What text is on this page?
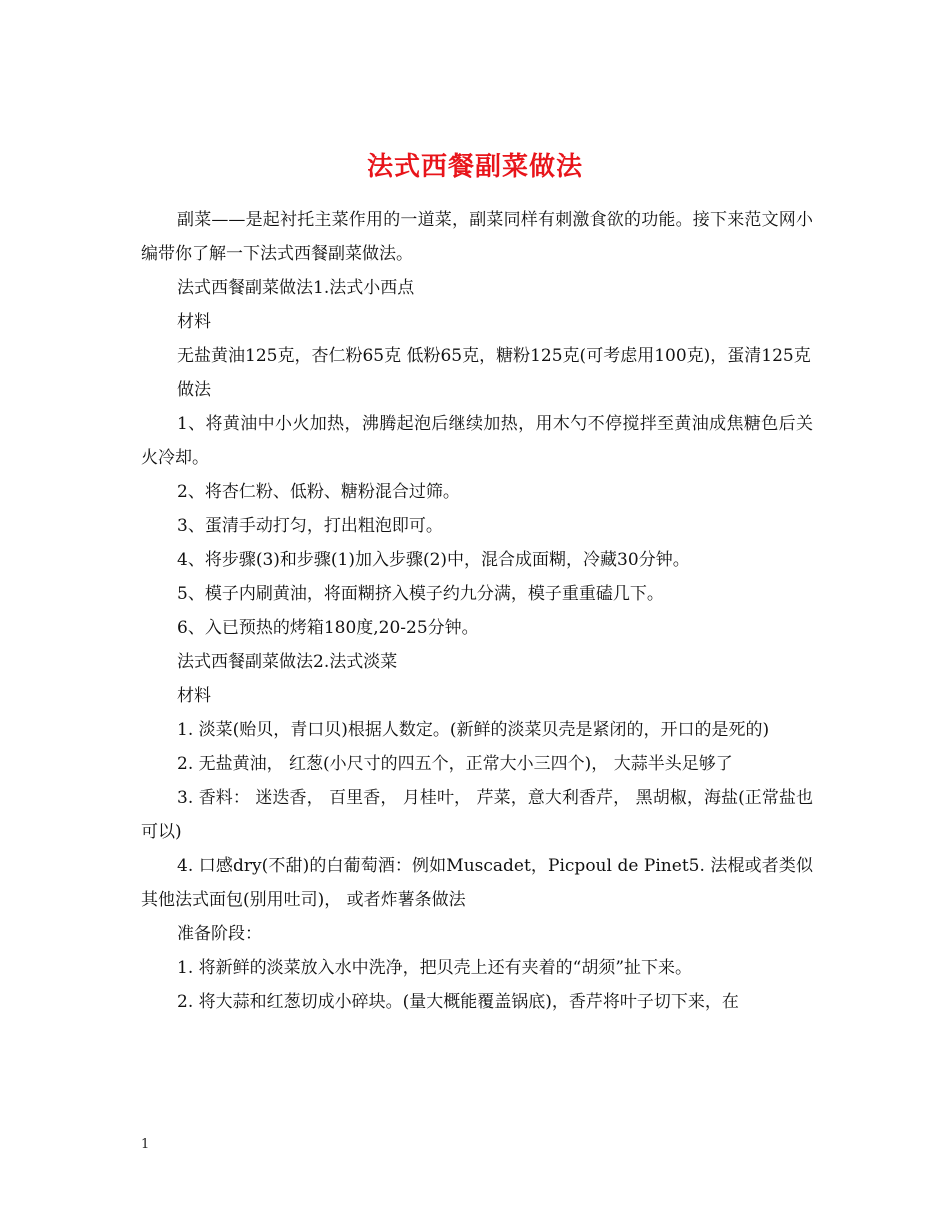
法式西餐副菜做法

副菜——是起衬托主菜作用的一道菜，副菜同样有刺激食欲的功能。接下来范文网小编带你了解一下法式西餐副菜做法。

法式西餐副菜做法1.法式小西点

材料

无盐黄油125克，杏仁粉65克 低粉65克，糖粉125克(可考虑用100克)，蛋清125克

做法

1、将黄油中小火加热，沸腾起泡后继续加热，用木勺不停搅拌至黄油成焦糖色后关火冷却。

2、将杏仁粉、低粉、糖粉混合过筛。

3、蛋清手动打匀，打出粗泡即可。

4、将步骤(3)和步骤(1)加入步骤(2)中，混合成面糊，冷藏30分钟。

5、模子内刷黄油，将面糊挤入模子约九分满，模子重重磕几下。

6、入已预热的烤箱180度,20-25分钟。

法式西餐副菜做法2.法式淡菜

材料

1. 淡菜(贻贝，青口贝)根据人数定。(新鲜的淡菜贝壳是紧闭的，开口的是死的)

2. 无盐黄油， 红葱(小尺寸的四五个，正常大小三四个)， 大蒜半头足够了

3. 香料： 迷迭香， 百里香， 月桂叶， 芹菜，意大利香芹， 黑胡椒，海盐(正常盐也可以)

4. 口感dry(不甜)的白葡萄酒：例如Muscadet，Picpoul de Pinet5. 法棍或者类似其他法式面包(别用吐司)， 或者炸薯条做法

准备阶段：

1. 将新鲜的淡菜放入水中洗净，把贝壳上还有夹着的“胡须”扯下来。

2. 将大蒜和红葱切成小碎块。(量大概能覆盖锅底)，香芹将叶子切下来，在

1
